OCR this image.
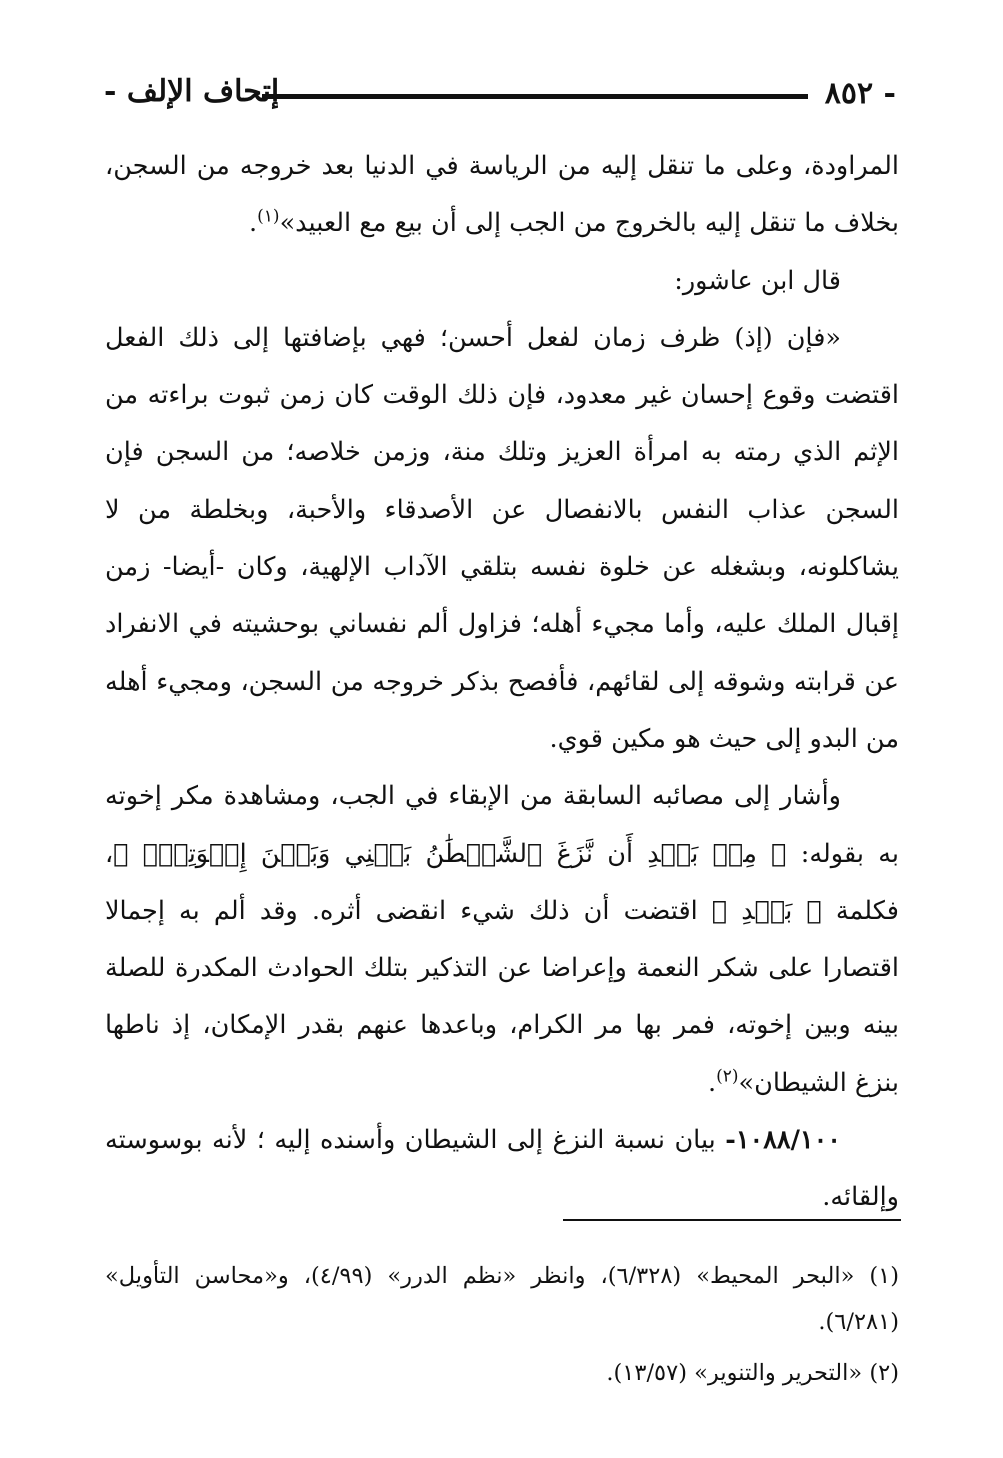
- ٨٥٢
إتحاف الإلف -

المراودة، وعلى ما تنقل إليه من الرياسة في الدنيا بعد خروجه من السجن، بخلاف ما تنقل إليه بالخروج من الجب إلى أن بيع مع العبيد»$^{(١)}$.

قال ابن عاشور:

«فإن (إذ) ظرف زمان لفعل أحسن؛ فهي بإضافتها إلى ذلك الفعل اقتضت وقوع إحسان غير معدود، فإن ذلك الوقت كان زمن ثبوت براءته من الإثم الذي رمته به امرأة العزيز وتلك منة، وزمن خلاصه؛ من السجن فإن السجن عذاب النفس بالانفصال عن الأصدقاء والأحبة، وبخلطة من لا يشاكلونه، وبشغله عن خلوة نفسه بتلقي الآداب الإلهية، وكان -أيضا- زمن إقبال الملك عليه، وأما مجيء أهله؛ فزاول ألم نفساني بوحشيته في الانفراد عن قرابته وشوقه إلى لقائهم، فأفصح بذكر خروجه من السجن، ومجيء أهله من البدو إلى حيث هو مكين قوي.

وأشار إلى مصائبه السابقة من الإبقاء في الجب، ومشاهدة مكر إخوته به بقوله: ﴿ مِنۢ بَعۡدِ أَن نَّزَغَ ٱلشَّيۡطَٰنُ بَيۡنِي وَبَيۡنَ إِخۡوَتِيٓۚ ﴾، فكلمة ﴿ بَعۡدِ ﴾ اقتضت أن ذلك شيء انقضى أثره. وقد ألم به إجمالا اقتصارا على شكر النعمة وإعراضا عن التذكير بتلك الحوادث المكدرة للصلة بينه وبين إخوته، فمر بها مر الكرام، وباعدها عنهم بقدر الإمكان، إذ ناطها بنزغ الشيطان»$^{(٢)}$.

١٠٨٨/١٠٠- بيان نسبة النزغ إلى الشيطان وأسنده إليه ؛ لأنه بوسوسته وإلقائه.

(١) «البحر المحيط» (٦/٣٢٨)، وانظر «نظم الدرر» (٤/٩٩)، و«محاسن التأويل» (٦/٢٨١).

(٢) «التحرير والتنوير» (١٣/٥٧).
